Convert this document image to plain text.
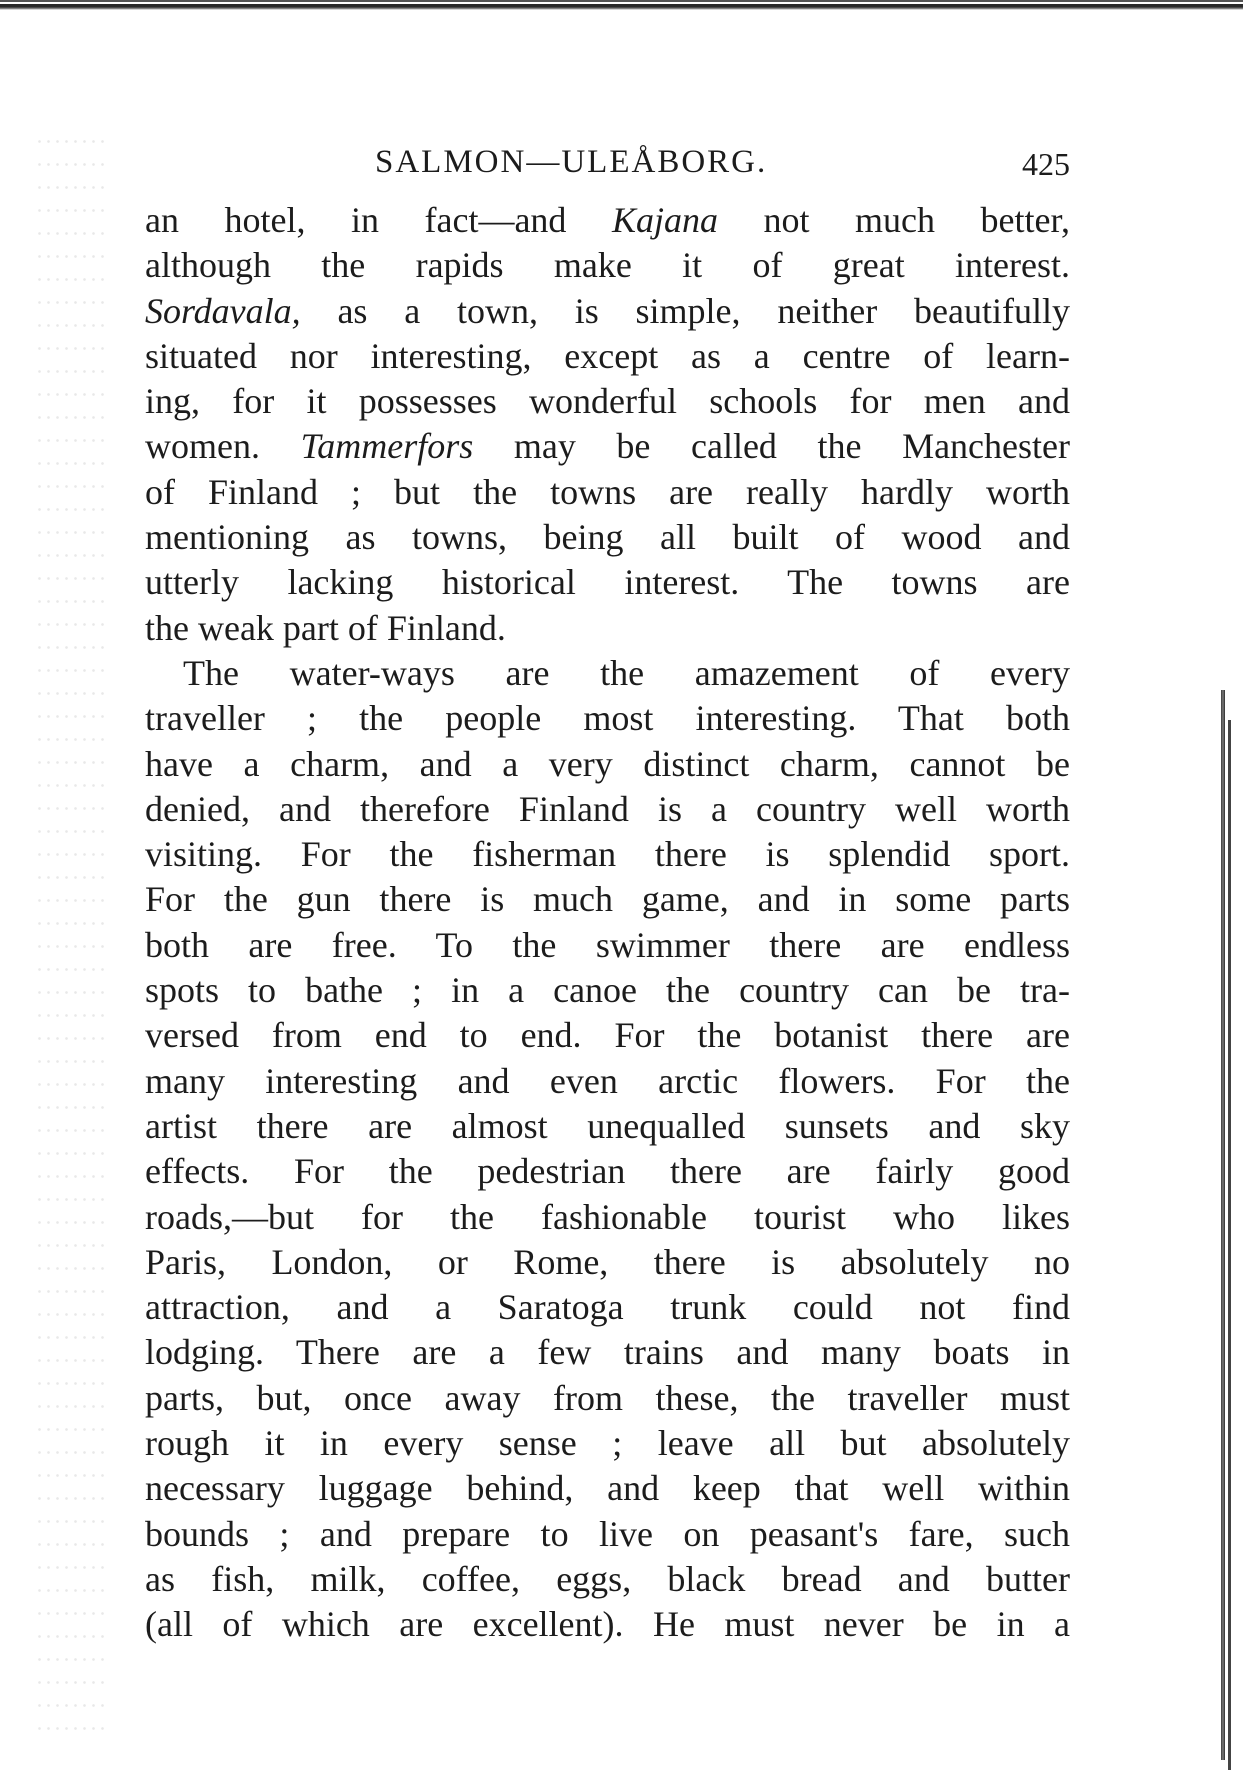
SALMON—ULEÅBORG.	425
an hotel, in fact—and Kajana not much better,
although the rapids make it of great interest.
Sordavala, as a town, is simple, neither beautifully
situated nor interesting, except as a centre of learn-
ing, for it possesses wonderful schools for men and
women. Tammerfors may be called the Manchester
of Finland ; but the towns are really hardly worth
mentioning as towns, being all built of wood and
utterly lacking historical interest. The towns are
the weak part of Finland.
The water-ways are the amazement of every
traveller ; the people most interesting. That both
have a charm, and a very distinct charm, cannot be
denied, and therefore Finland is a country well worth
visiting. For the fisherman there is splendid sport.
For the gun there is much game, and in some parts
both are free. To the swimmer there are endless
spots to bathe ; in a canoe the country can be tra-
versed from end to end. For the botanist there are
many interesting and even arctic flowers. For the
artist there are almost unequalled sunsets and sky
effects. For the pedestrian there are fairly good
roads,—but for the fashionable tourist who likes
Paris, London, or Rome, there is absolutely no
attraction, and a Saratoga trunk could not find
lodging. There are a few trains and many boats in
parts, but, once away from these, the traveller must
rough it in every sense ; leave all but absolutely
necessary luggage behind, and keep that well within
bounds ; and prepare to live on peasant's fare, such
as fish, milk, coffee, eggs, black bread and butter
(all of which are excellent). He must never be in a
